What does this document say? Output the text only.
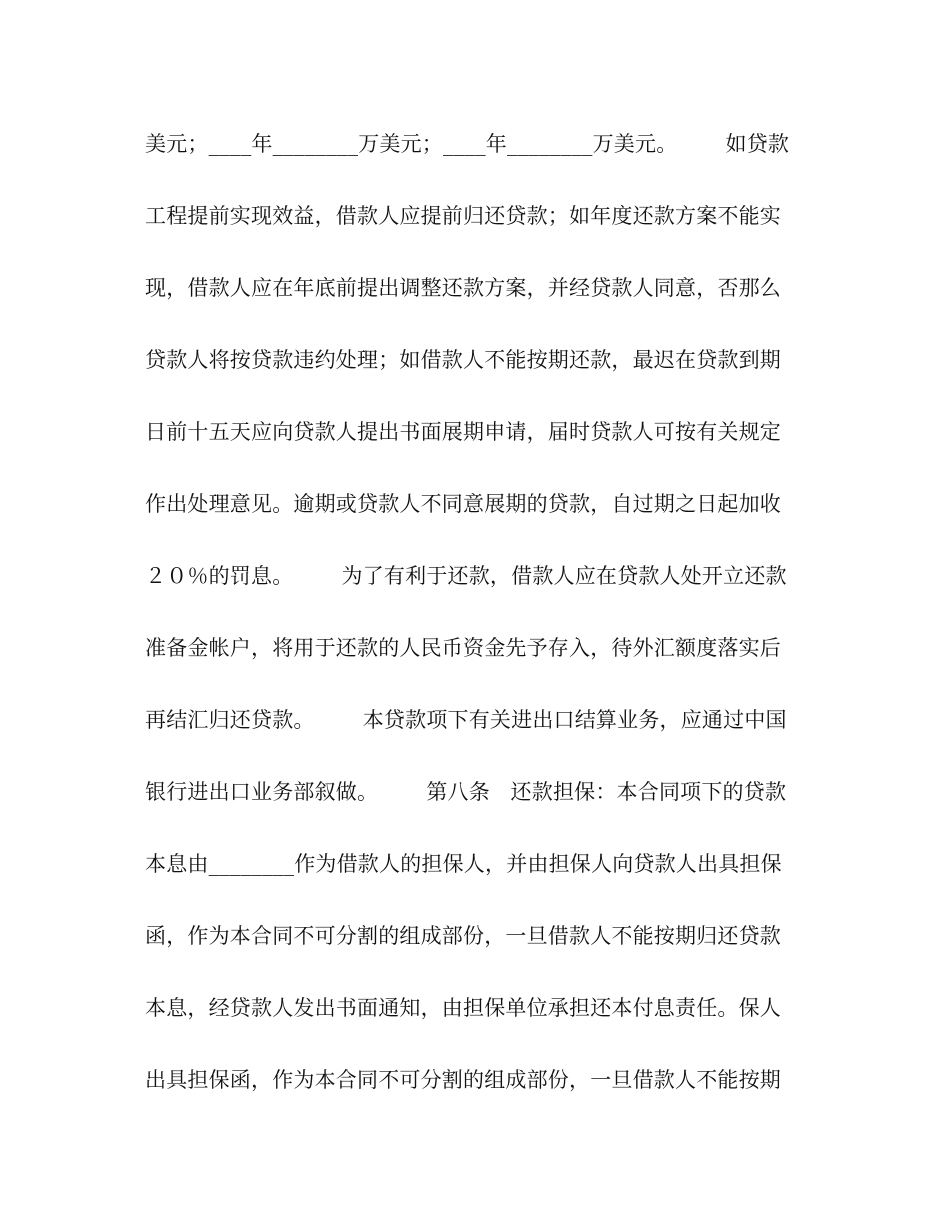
美元；____年________万美元；____年________万美元。       如贷款
工程提前实现效益，借款人应提前归还贷款；如年度还款方案不能实
现，借款人应在年底前提出调整还款方案，并经贷款人同意，否那么
贷款人将按贷款违约处理；如借款人不能按期还款，最迟在贷款到期
日前十五天应向贷款人提出书面展期申请，届时贷款人可按有关规定
作出处理意见。逾期或贷款人不同意展期的贷款，自过期之日起加收
２０％的罚息。       为了有利于还款，借款人应在贷款人处开立还款
准备金帐户，将用于还款的人民币资金先予存入，待外汇额度落实后
再结汇归还贷款。       本贷款项下有关进出口结算业务，应通过中国
银行进出口业务部叙做。       第八条   还款担保：本合同项下的贷款
本息由________作为借款人的担保人，并由担保人向贷款人出具担保
函，作为本合同不可分割的组成部份，一旦借款人不能按期归还贷款
本息，经贷款人发出书面通知，由担保单位承担还本付息责任。保人
出具担保函，作为本合同不可分割的组成部份，一旦借款人不能按期
